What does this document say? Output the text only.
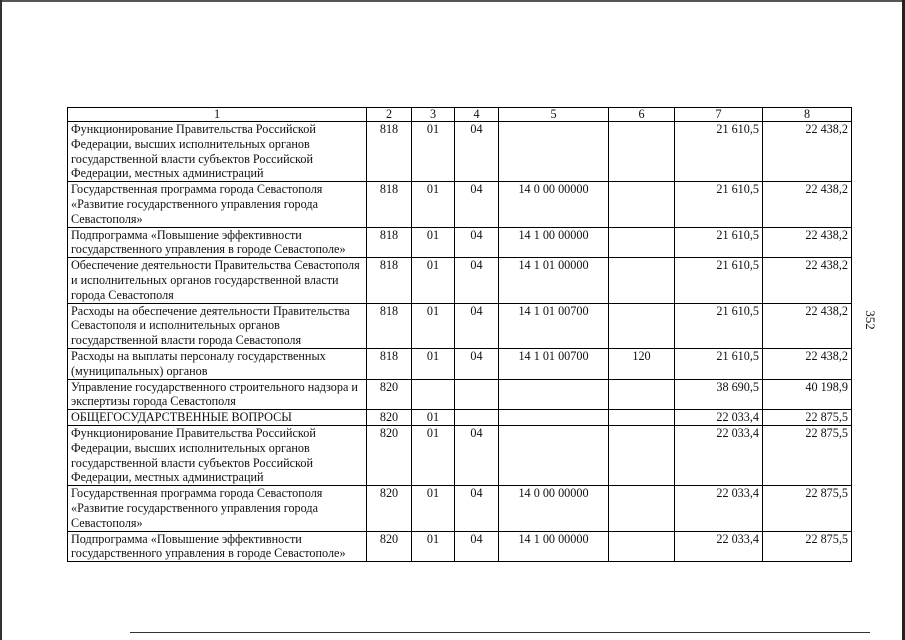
352
1	2	3	4	5	6	7	8
Функционирование Правительства Российской Федерации, высших исполнительных органов государственной власти субъектов Российской Федерации, местных администраций	818	01	04			21 610,5	22 438,2
Государственная программа города Севастополя «Развитие государственного управления города Севастополя»	818	01	04	14 0 00 00000		21 610,5	22 438,2
Подпрограмма «Повышение эффективности государственного управления в городе Севастополе»	818	01	04	14 1 00 00000		21 610,5	22 438,2
Обеспечение деятельности Правительства Севастополя и исполнительных органов государственной власти города Севастополя	818	01	04	14 1 01 00000		21 610,5	22 438,2
Расходы на обеспечение деятельности Правительства Севастополя и исполнительных органов государственной власти города Севастополя	818	01	04	14 1 01 00700		21 610,5	22 438,2
Расходы на выплаты персоналу государственных (муниципальных) органов	818	01	04	14 1 01 00700	120	21 610,5	22 438,2
Управление государственного строительного надзора и экспертизы города Севастополя	820					38 690,5	40 198,9
ОБЩЕГОСУДАРСТВЕННЫЕ ВОПРОСЫ	820	01				22 033,4	22 875,5
Функционирование Правительства Российской Федерации, высших исполнительных органов государственной власти субъектов Российской Федерации, местных администраций	820	01	04			22 033,4	22 875,5
Государственная программа города Севастополя «Развитие государственного управления города Севастополя»	820	01	04	14 0 00 00000		22 033,4	22 875,5
Подпрограмма «Повышение эффективности государственного управления в городе Севастополе»	820	01	04	14 1 00 00000		22 033,4	22 875,5
